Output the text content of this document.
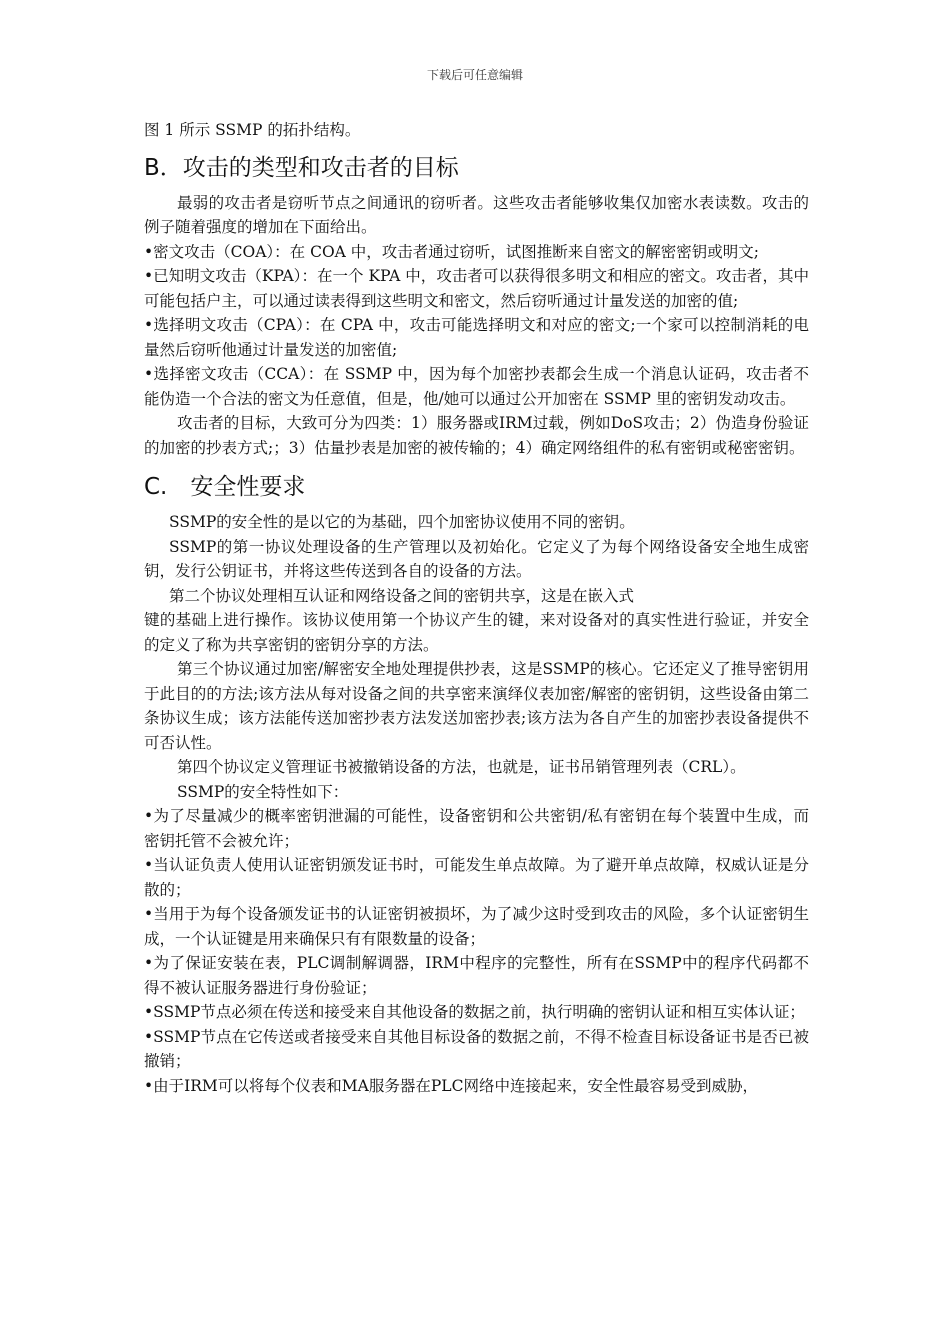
下载后可任意编辑

图 1 所示 SSMP 的拓扑结构。

B．攻击的类型和攻击者的目标

最弱的攻击者是窃听节点之间通讯的窃听者。这些攻击者能够收集仅加密水表读数。攻击的例子随着强度的增加在下面给出。

•密文攻击（COA）：在 COA 中，攻击者通过窃听，试图推断来自密文的解密密钥或明文;

•已知明文攻击（KPA）：在一个 KPA 中，攻击者可以获得很多明文和相应的密文。攻击者，其中可能包括户主，可以通过读表得到这些明文和密文，然后窃听通过计量发送的加密的值;

•选择明文攻击（CPA）：在 CPA 中，攻击可能选择明文和对应的密文;一个家可以控制消耗的电量然后窃听他通过计量发送的加密值;

•选择密文攻击（CCA）：在 SSMP 中，因为每个加密抄表都会生成一个消息认证码，攻击者不能伪造一个合法的密文为任意值，但是，他/她可以通过公开加密在 SSMP 里的密钥发动攻击。

攻击者的目标，大致可分为四类：1）服务器或IRM过载，例如DoS攻击；2）伪造身份验证的加密的抄表方式;；3）估量抄表是加密的被传输的；4）确定网络组件的私有密钥或秘密密钥。

C.　安全性要求

SSMP的安全性的是以它的为基础，四个加密协议使用不同的密钥。

SSMP的第一协议处理设备的生产管理以及初始化。它定义了为每个网络设备安全地生成密钥，发行公钥证书，并将这些传送到各自的设备的方法。

第二个协议处理相互认证和网络设备之间的密钥共享，这是在嵌入式

键的基础上进行操作。该协议使用第一个协议产生的键，来对设备对的真实性进行验证，并安全的定义了称为共享密钥的密钥分享的方法。

第三个协议通过加密/解密安全地处理提供抄表，这是SSMP的核心。它还定义了推导密钥用于此目的的方法;该方法从每对设备之间的共享密来演绎仪表加密/解密的密钥钥，这些设备由第二条协议生成；该方法能传送加密抄表方法发送加密抄表;该方法为各自产生的加密抄表设备提供不可否认性。

第四个协议定义管理证书被撤销设备的方法，也就是，证书吊销管理列表（CRL）。

SSMP的安全特性如下：

•为了尽量减少的概率密钥泄漏的可能性，设备密钥和公共密钥/私有密钥在每个装置中生成，而密钥托管不会被允许；

•当认证负责人使用认证密钥颁发证书时，可能发生单点故障。为了避开单点故障，权威认证是分散的；

•当用于为每个设备颁发证书的认证密钥被损坏，为了减少这时受到攻击的风险，多个认证密钥生成，一个认证键是用来确保只有有限数量的设备；

•为了保证安装在表，PLC调制解调器，IRM中程序的完整性，所有在SSMP中的程序代码都不得不被认证服务器进行身份验证；

•SSMP节点必须在传送和接受来自其他设备的数据之前，执行明确的密钥认证和相互实体认证；

•SSMP节点在它传送或者接受来自其他目标设备的数据之前，不得不检查目标设备证书是否已被撤销；

•由于IRM可以将每个仪表和MA服务器在PLC网络中连接起来，安全性最容易受到威胁，
